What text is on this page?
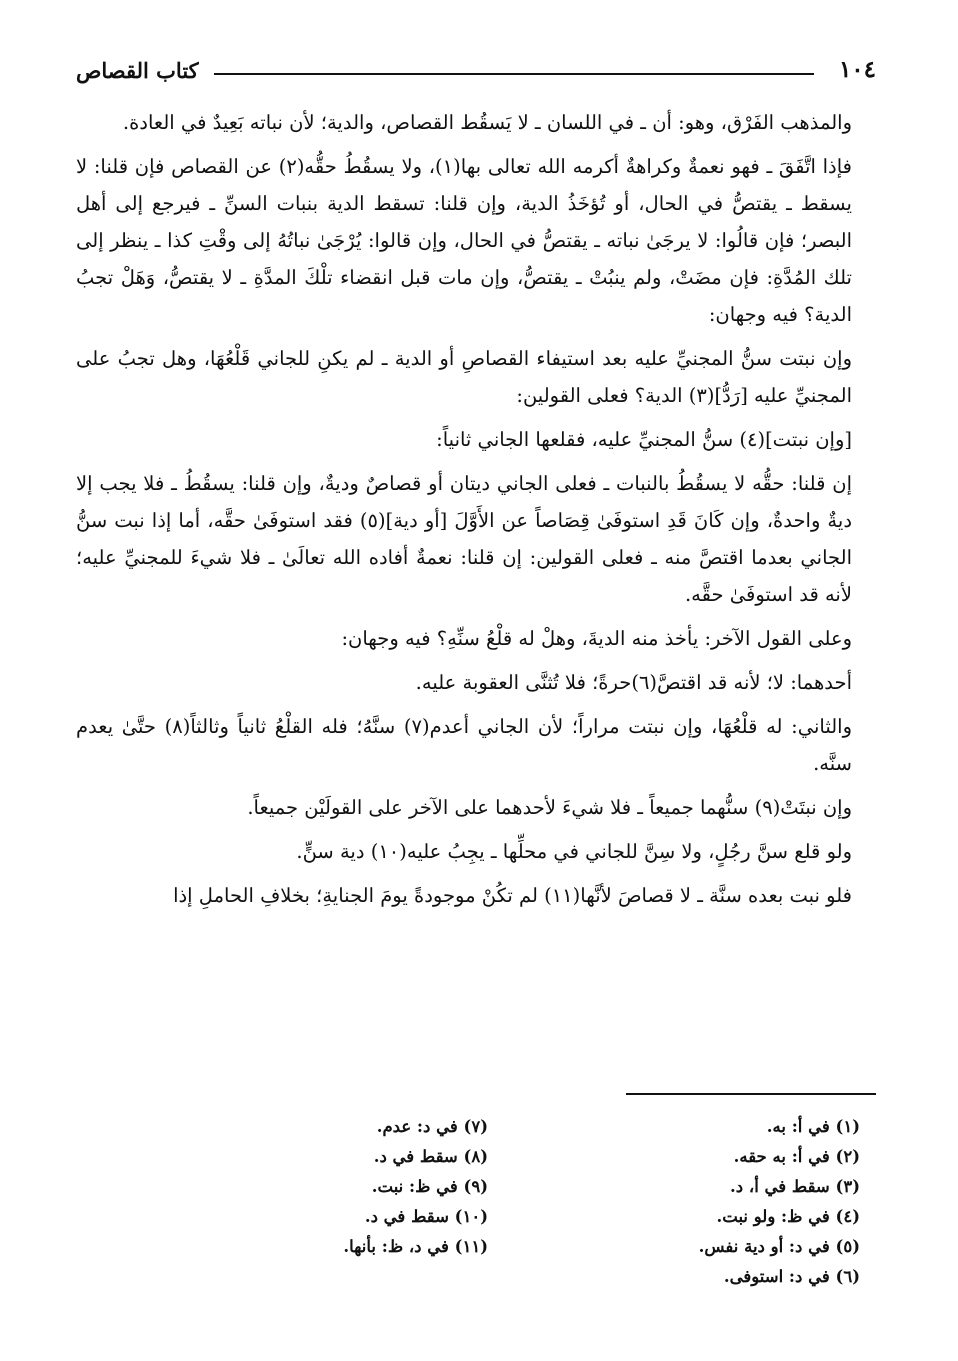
كتاب القصاص	١٠٤

والمذهب الفَرْق، وهو: أن ـ في اللسان ـ لا يَسقُط القصاص، والدية؛ لأن نباته بَعِيدٌ في العادة.

فإذا اتَّفَقَ ـ فهو نعمةٌ وكراهةٌ أكرمه الله تعالى بها(١)، ولا يسقُطُ حقُّه(٢) عن القصاص فإن قلنا: لا يسقط ـ يقتصُّ في الحال، أو تُؤخَذُ الدية، وإن قلنا: تسقط الدية بنبات السنِّ ـ فيرجع إلى أهل البصر؛ فإن قالُوا: لا يرجَىٰ نباته ـ يقتصُّ في الحال، وإن قالوا: يُرْجَىٰ نباتُهُ إلى وقْتِ كذا ـ ينظر إلى تلك المُدَّةِ: فإن مضَتْ، ولم ينبُتْ ـ يقتصُّ، وإن مات قبل انقضاء تلْكَ المدَّةِ ـ لا يقتصُّ، وَهَلْ تجبُ الدية؟ فيه وجهان:

وإن نبتت سنُّ المجنيِّ عليه بعد استيفاء القصاصِ أو الدية ـ لم يكنِ للجاني قَلْعُهَا، وهل تجبُ على المجنيِّ عليه [رَدُّ](٣) الدية؟ فعلى القولين:

[وإن نبتت](٤) سنُّ المجنيِّ عليه، فقلعها الجاني ثانياً:

إن قلنا: حقُّه لا يسقُطُ بالنبات ـ فعلى الجاني ديتان أو قصاصٌ وديةٌ، وإن قلنا: يسقُطُ ـ فلا يجب إلا ديةٌ واحدةٌ، وإن كَانَ قَدِ استوفَىٰ قِصَاصاً عن الأَوَّلَ [أو دية](٥) فقد استوفَىٰ حقَّه، أما إذا نبت سنُّ الجاني بعدما اقتصَّ منه ـ فعلى القولين: إن قلنا: نعمةٌ أفاده الله تعالَىٰ ـ فلا شيءَ للمجنيِّ عليه؛ لأنه قد استوفَىٰ حقَّه.

وعلى القول الآخر: يأخذ منه الديةَ، وهلْ له قلْعُ سنِّهِ؟ فيه وجهان:

أحدهما: لا؛ لأنه قد اقتصَّ(٦)حرةً؛ فلا تُثنَّى العقوبة عليه.

والثاني: له قلْعُهَا، وإن نبتت مراراً؛ لأن الجاني أعدم(٧) سنَّهُ؛ فله القلْعُ ثانياً وثالثاً(٨) حتَّىٰ يعدم سنَّه.

وإن نبتَتْ(٩) سنُّهما جميعاً ـ فلا شيءَ لأحدهما على الآخر على القولَيْن جميعاً.

ولو قلع سنَّ رجُلٍ، ولا سِنَّ للجاني في محلِّها ـ يجِبُ عليه(١٠) دية سنٍّ.

فلو نبت بعده سنَّة ـ لا قصاصَ لأنَّها(١١) لم تكُنْ موجودةً يومَ الجنايةِ؛ بخلافِ الحاملِ إذا

(١) في أ: به.
(٢) في أ: به حقه.
(٣) سقط في أ، د.
(٤) في ظ: ولو نبت.
(٥) في د: أو دية نفس.
(٦) في د: استوفى.
(٧) في د: عدم.
(٨) سقط في د.
(٩) في ظ: نبت.
(١٠) سقط في د.
(١١) في د، ظ: بأنها.
